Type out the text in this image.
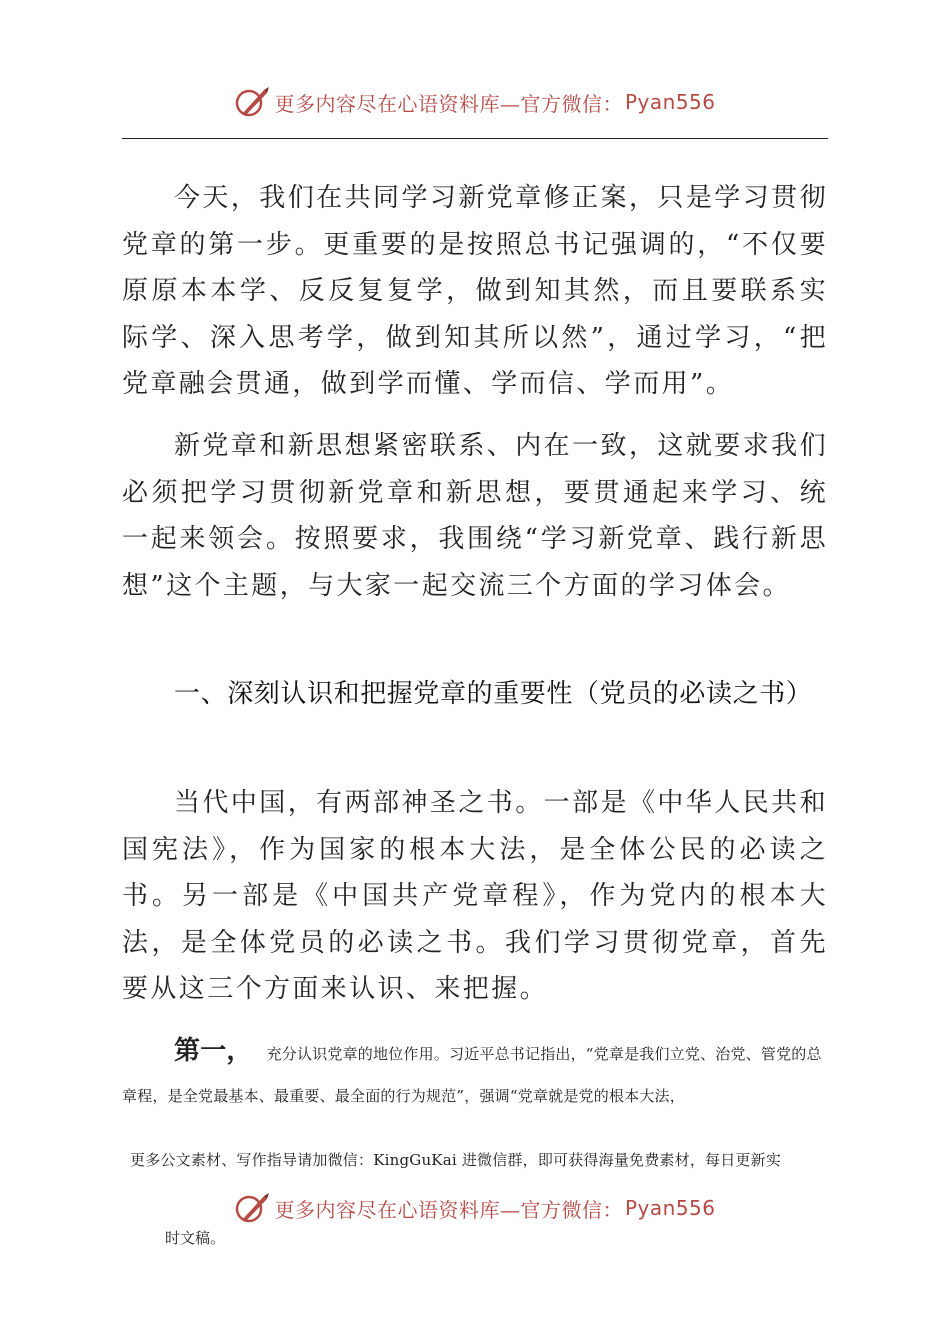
更多内容尽在心语资料库—官方微信： Pyan556

今天，我们在共同学习新党章修正案，只是学习贯彻党章的第一步。更重要的是按照总书记强调的，“不仅要原原本本学、反反复复学，做到知其然，而且要联系实际学、深入思考学，做到知其所以然”，通过学习，“把党章融会贯通，做到学而懂、学而信、学而用”。

新党章和新思想紧密联系、内在一致，这就要求我们必须把学习贯彻新党章和新思想，要贯通起来学习、统一起来领会。按照要求，我围绕“学习新党章、践行新思想”这个主题，与大家一起交流三个方面的学习体会。

一、深刻认识和把握党章的重要性（党员的必读之书）

当代中国，有两部神圣之书。一部是《中华人民共和国宪法》，作为国家的根本大法，是全体公民的必读之书。另一部是《中国共产党章程》，作为党内的根本大法，是全体党员的必读之书。我们学习贯彻党章，首先要从这三个方面来认识、来把握。

第一， 充分认识党章的地位作用。习近平总书记指出，“党章是我们立党、治党、管党的总章程，是全党最基本、最重要、最全面的行为规范”，强调“党章就是党的根本大法，

更多公文素材、写作指导请加微信：KingGuKai 进微信群，即可获得海量免费素材，每日更新实

更多内容尽在心语资料库—官方微信： Pyan556

时文稿。
